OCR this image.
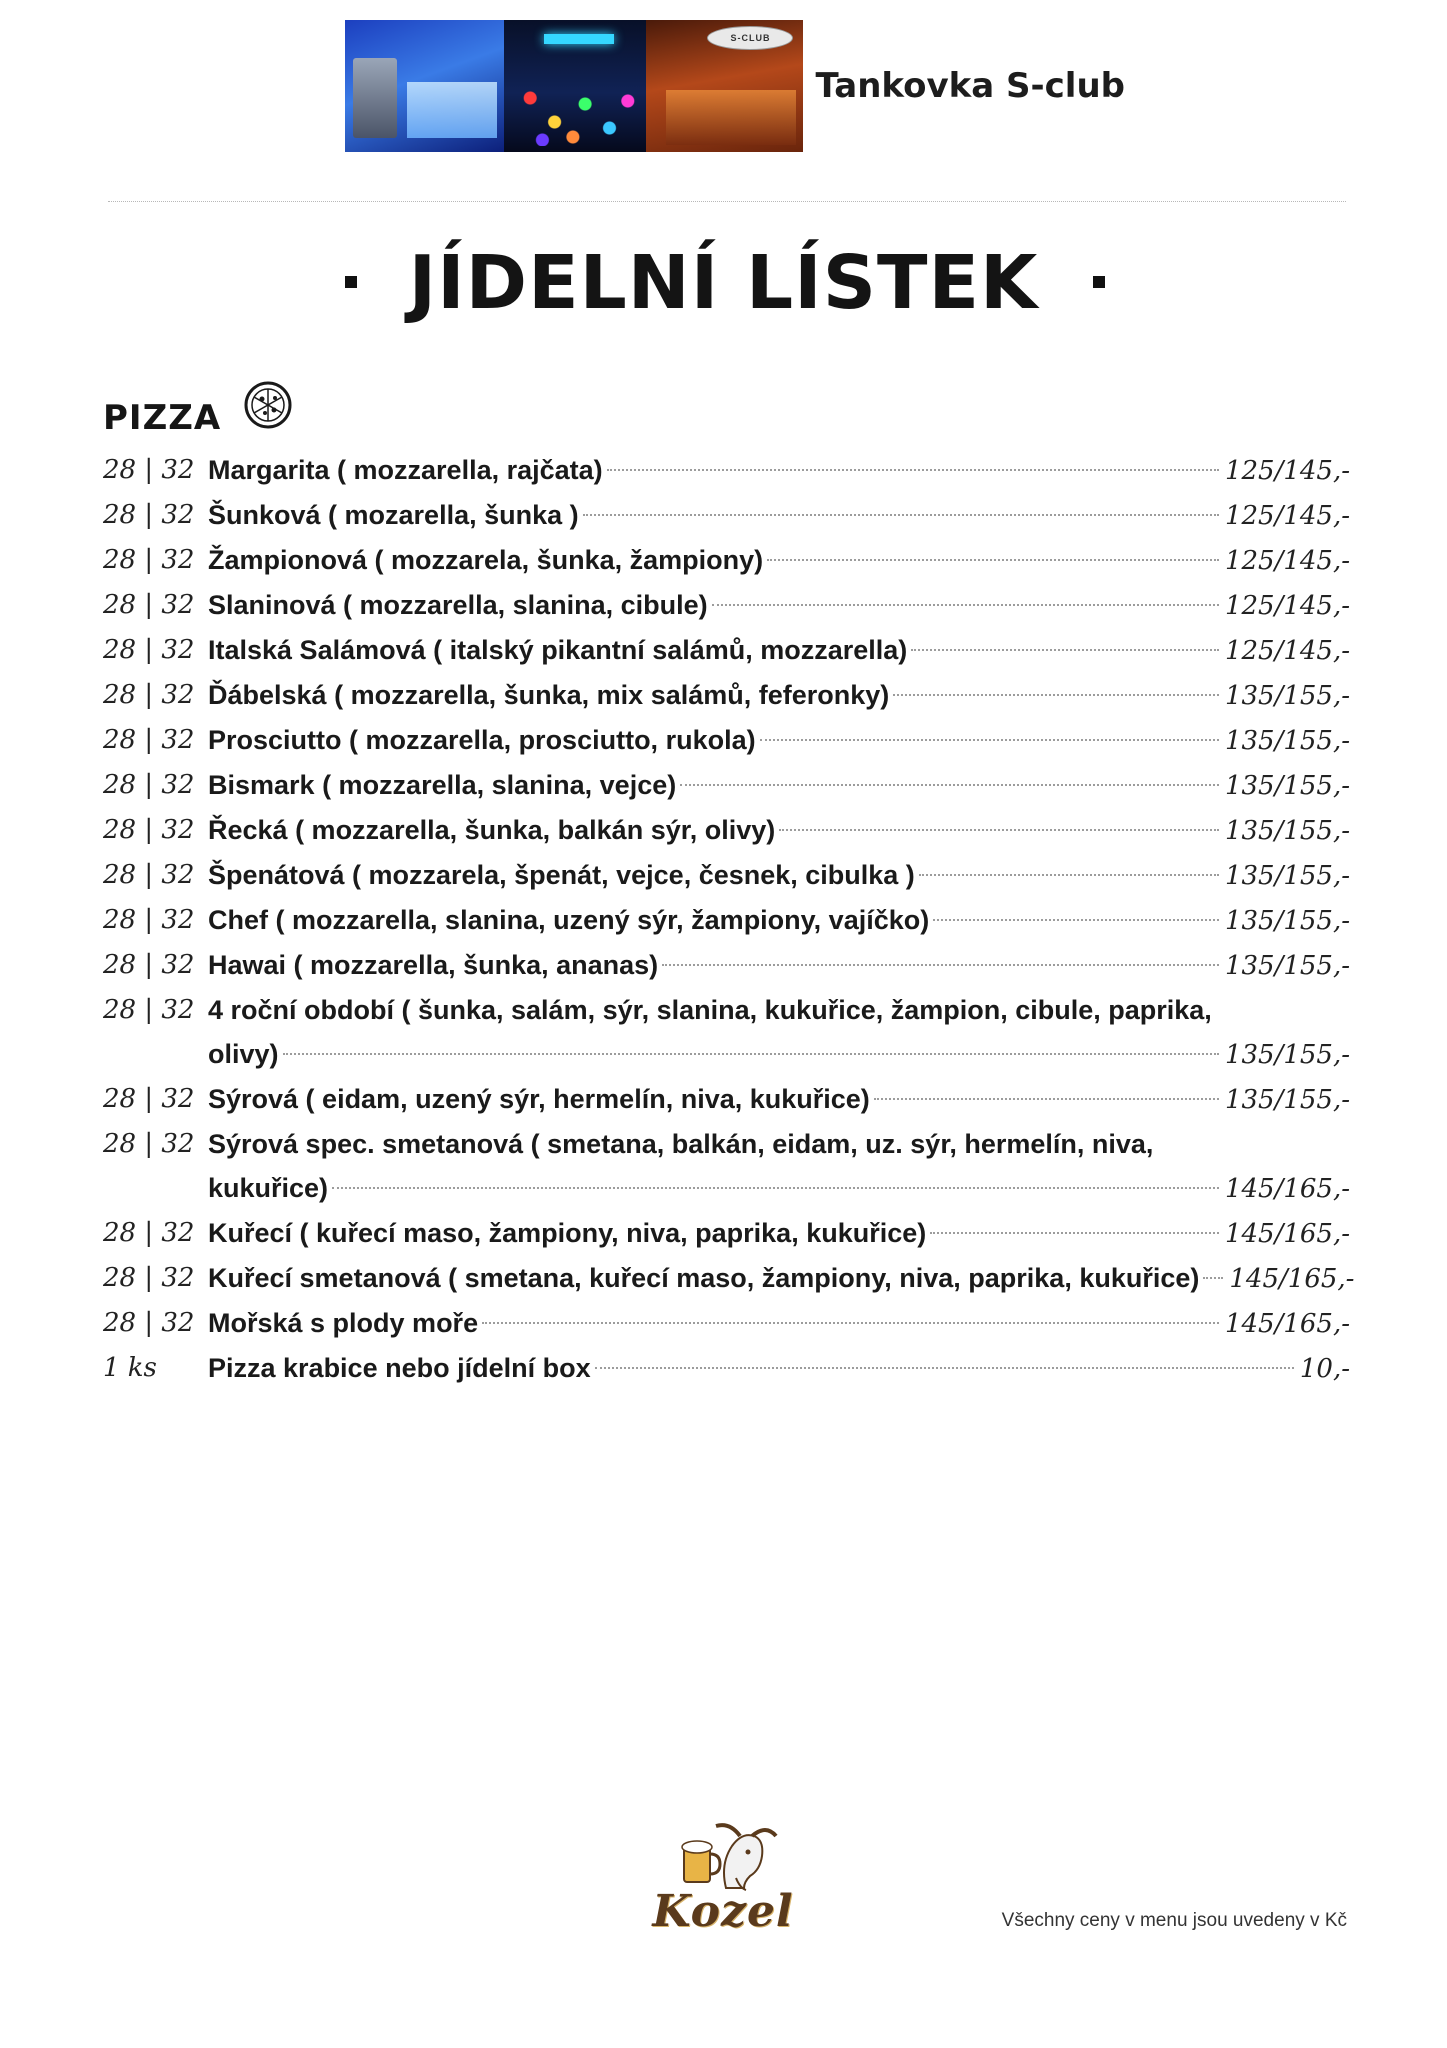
S-CLUB
Tankovka S-club
JÍDELNÍ LÍSTEK
PIZZA
28 | 32 Margarita ( mozzarella, rajčata)	125/145,-
28 | 32 Šunková ( mozarella, šunka )	125/145,-
28 | 32 Žampionová ( mozzarela, šunka, žampiony)	125/145,-
28 | 32 Slaninová ( mozzarella, slanina, cibule)	125/145,-
28 | 32 Italská Salámová ( italský pikantní salámů, mozzarella)	125/145,-
28 | 32 Ďábelská ( mozzarella, šunka, mix salámů, feferonky)	135/155,-
28 | 32 Prosciutto ( mozzarella, prosciutto, rukola)	135/155,-
28 | 32 Bismark ( mozzarella, slanina, vejce)	135/155,-
28 | 32 Řecká ( mozzarella, šunka, balkán sýr, olivy)	135/155,-
28 | 32 Špenátová ( mozzarela, špenát, vejce, česnek, cibulka )	135/155,-
28 | 32 Chef ( mozzarella, slanina, uzený sýr, žampiony, vajíčko)	135/155,-
28 | 32 Hawai ( mozzarella, šunka, ananas)	135/155,-
28 | 32 4 roční období ( šunka, salám, sýr, slanina, kukuřice, žampion, cibule, paprika,
olivy)	135/155,-
28 | 32 Sýrová ( eidam, uzený sýr, hermelín, niva, kukuřice)	135/155,-
28 | 32 Sýrová spec. smetanová ( smetana, balkán, eidam, uz. sýr, hermelín, niva,
kukuřice)	145/165,-
28 | 32 Kuřecí ( kuřecí maso, žampiony, niva, paprika, kukuřice)	145/165,-
28 | 32 Kuřecí smetanová ( smetana, kuřecí maso, žampiony, niva, paprika, kukuřice) 145/165,-
28 | 32 Mořská s plody moře	145/165,-
1 ks	Pizza krabice nebo jídelní box	10,-
Kozel	Všechny ceny v menu jsou uvedeny v Kč
